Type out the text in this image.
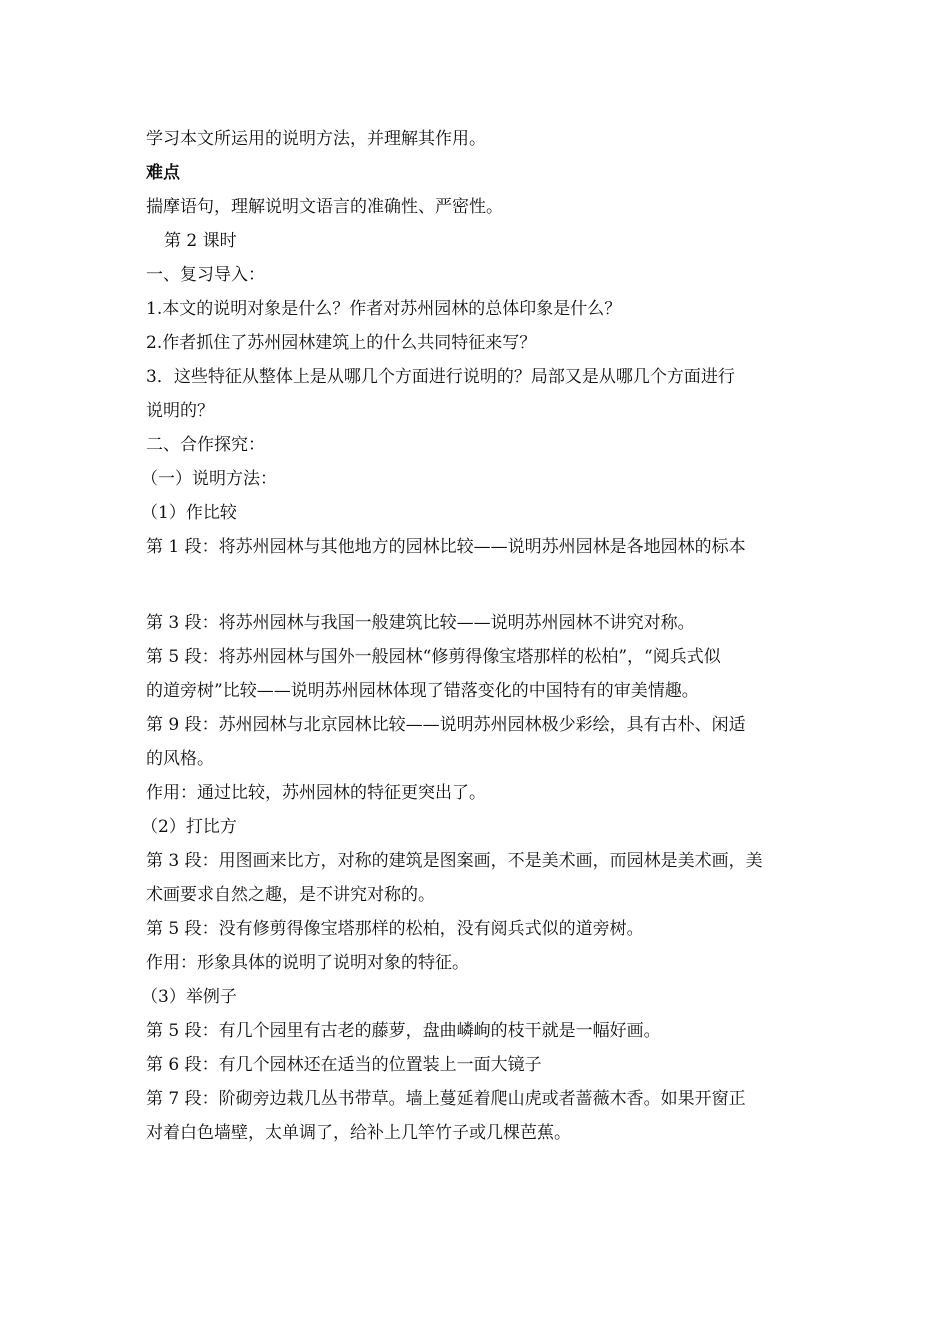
学习本文所运用的说明方法，并理解其作用。
难点
揣摩语句，理解说明文语言的准确性、严密性。
第 2 课时
一、复习导入：
1.本文的说明对象是什么？作者对苏州园林的总体印象是什么？
2.作者抓住了苏州园林建筑上的什么共同特征来写？
3．这些特征从整体上是从哪几个方面进行说明的？局部又是从哪几个方面进行
说明的？
二、合作探究：
（一）说明方法：
（1）作比较
第 1 段：将苏州园林与其他地方的园林比较——说明苏州园林是各地园林的标本
第 3 段：将苏州园林与我国一般建筑比较——说明苏州园林不讲究对称。
第 5 段：将苏州园林与国外一般园林“修剪得像宝塔那样的松柏”，“阅兵式似
的道旁树”比较——说明苏州园林体现了错落变化的中国特有的审美情趣。
第 9 段：苏州园林与北京园林比较——说明苏州园林极少彩绘，具有古朴、闲适
的风格。
作用：通过比较，苏州园林的特征更突出了。
（2）打比方
第 3 段：用图画来比方，对称的建筑是图案画，不是美术画，而园林是美术画，美
术画要求自然之趣，是不讲究对称的。
第 5 段：没有修剪得像宝塔那样的松柏，没有阅兵式似的道旁树。
作用：形象具体的说明了说明对象的特征。
（3）举例子
第 5 段：有几个园里有古老的藤萝，盘曲嶙峋的枝干就是一幅好画。
第 6 段：有几个园林还在适当的位置装上一面大镜子
第 7 段：阶砌旁边栽几丛书带草。墙上蔓延着爬山虎或者蔷薇木香。如果开窗正
对着白色墙壁，太单调了，给补上几竿竹子或几棵芭蕉。
